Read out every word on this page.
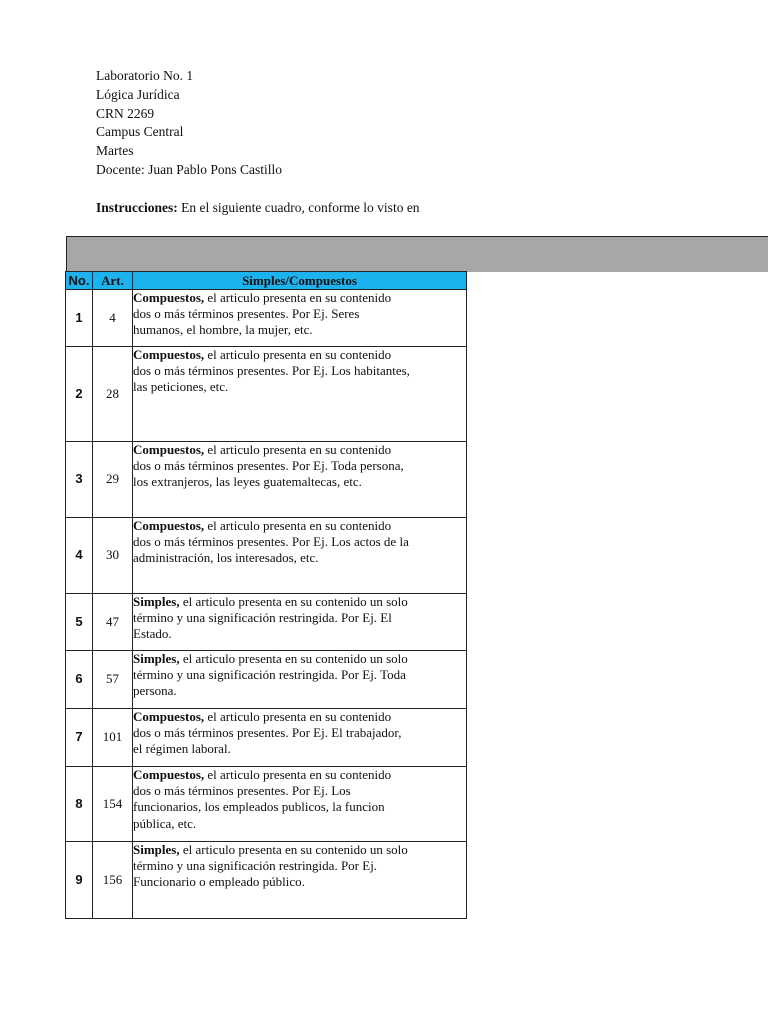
Laboratorio No. 1
Lógica Jurídica
CRN 2269
Campus Central
Martes
Docente: Juan Pablo Pons Castillo
Instrucciones: En el siguiente cuadro, conforme lo visto en
No.	Art.	Simples/Compuestos
1	4	Compuestos, el articulo presenta en su contenido
dos o más términos presentes. Por Ej. Seres
humanos, el hombre, la mujer, etc.

2	28	Compuestos, el articulo presenta en su contenido
dos o más términos presentes. Por Ej. Los habitantes,
las peticiones, etc.

3	29	Compuestos, el articulo presenta en su contenido
dos o más términos presentes. Por Ej. Toda persona,
los extranjeros, las leyes guatemaltecas, etc.

4	30	Compuestos, el articulo presenta en su contenido
dos o más términos presentes. Por Ej. Los actos de la
administración, los interesados, etc.

5	47	Simples, el articulo presenta en su contenido un solo
término y una significación restringida. Por Ej. El
Estado.

6	57	Simples, el articulo presenta en su contenido un solo
término y una significación restringida. Por Ej. Toda
persona.

7	101	Compuestos, el articulo presenta en su contenido
dos o más términos presentes. Por Ej. El trabajador,
el régimen laboral.

8	154	Compuestos, el articulo presenta en su contenido
dos o más términos presentes. Por Ej. Los
funcionarios, los empleados publicos, la funcion
pública, etc.

9	156	Simples, el articulo presenta en su contenido un solo
término y una significación restringida. Por Ej.
Funcionario o empleado público.
